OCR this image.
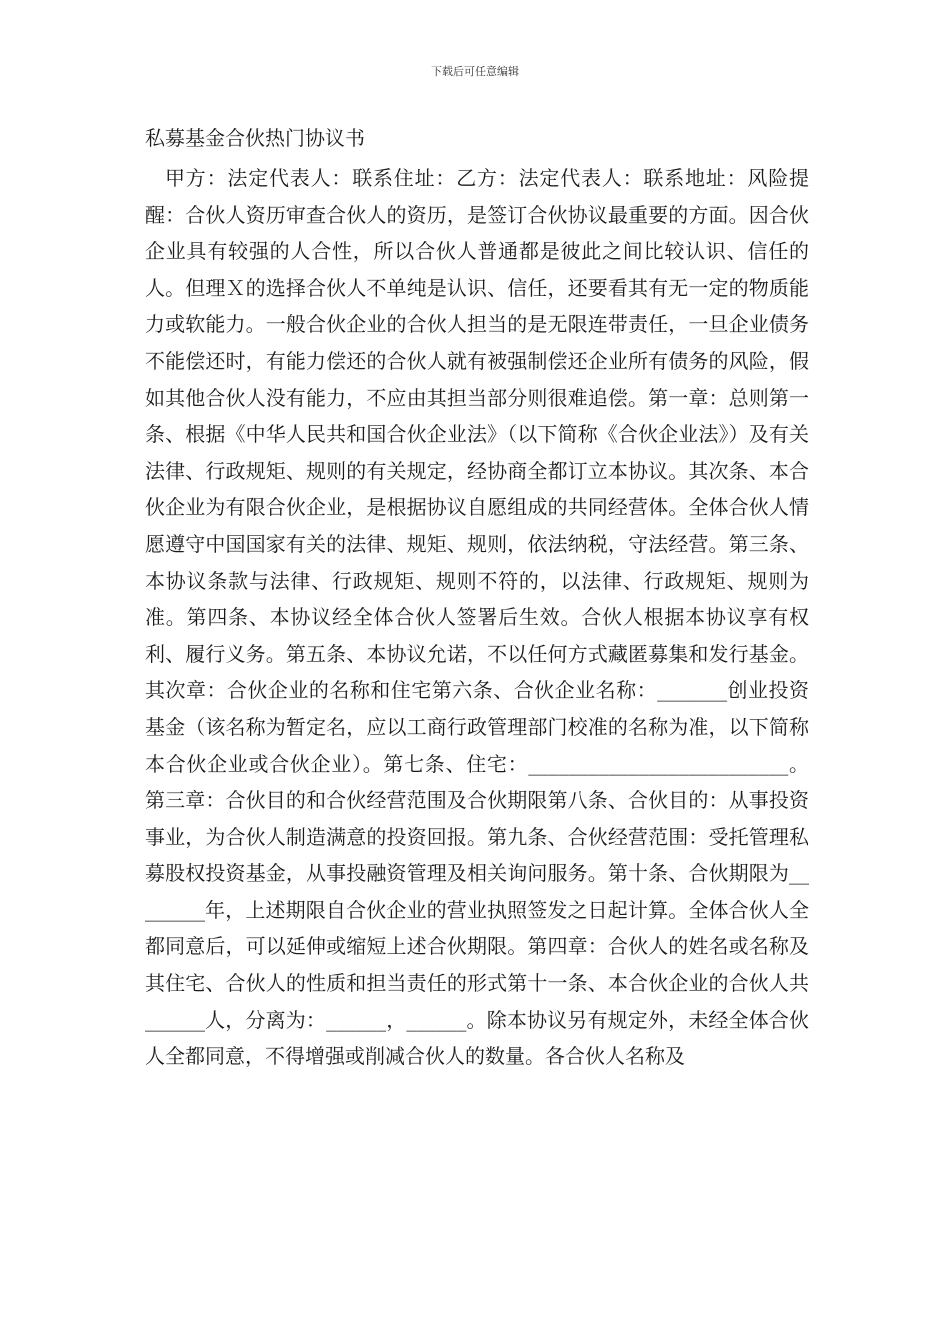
下载后可任意编辑
私募基金合伙热门协议书

甲方：法定代表人：联系住址：乙方：法定代表人：联系地址：风险提醒：合伙人资历审查合伙人的资历，是签订合伙协议最重要的方面。因合伙企业具有较强的人合性，所以合伙人普通都是彼此之间比较认识、信任的人。但理Ｘ的选择合伙人不单纯是认识、信任，还要看其有无一定的物质能力或软能力。一般合伙企业的合伙人担当的是无限连带责任，一旦企业债务不能偿还时，有能力偿还的合伙人就有被强制偿还企业所有债务的风险，假如其他合伙人没有能力，不应由其担当部分则很难追偿。第一章：总则第一条、根据《中华人民共和国合伙企业法》（以下简称《合伙企业法》）及有关法律、行政规矩、规则的有关规定，经协商全都订立本协议。其次条、本合伙企业为有限合伙企业，是根据协议自愿组成的共同经营体。全体合伙人情愿遵守中国国家有关的法律、规矩、规则，依法纳税，守法经营。第三条、本协议条款与法律、行政规矩、规则不符的，以法律、行政规矩、规则为准。第四条、本协议经全体合伙人签署后生效。合伙人根据本协议享有权利、履行义务。第五条、本协议允诺，不以任何方式藏匿募集和发行基金。其次章：合伙企业的名称和住宅第六条、合伙企业名称：_______创业投资基金（该名称为暂定名，应以工商行政管理部门校准的名称为准，以下简称本合伙企业或合伙企业）。第七条、住宅：__________________________。第三章：合伙目的和合伙经营范围及合伙期限第八条、合伙目的：从事投资事业，为合伙人制造满意的投资回报。第九条、合伙经营范围：受托管理私募股权投资基金，从事投融资管理及相关询问服务。第十条、合伙期限为________年，上述期限自合伙企业的营业执照签发之日起计算。全体合伙人全都同意后，可以延伸或缩短上述合伙期限。第四章：合伙人的姓名或名称及其住宅、合伙人的性质和担当责任的形式第十一条、本合伙企业的合伙人共______人，分离为：______，______。除本协议另有规定外，未经全体合伙人全都同意，不得增强或削减合伙人的数量。各合伙人名称及
